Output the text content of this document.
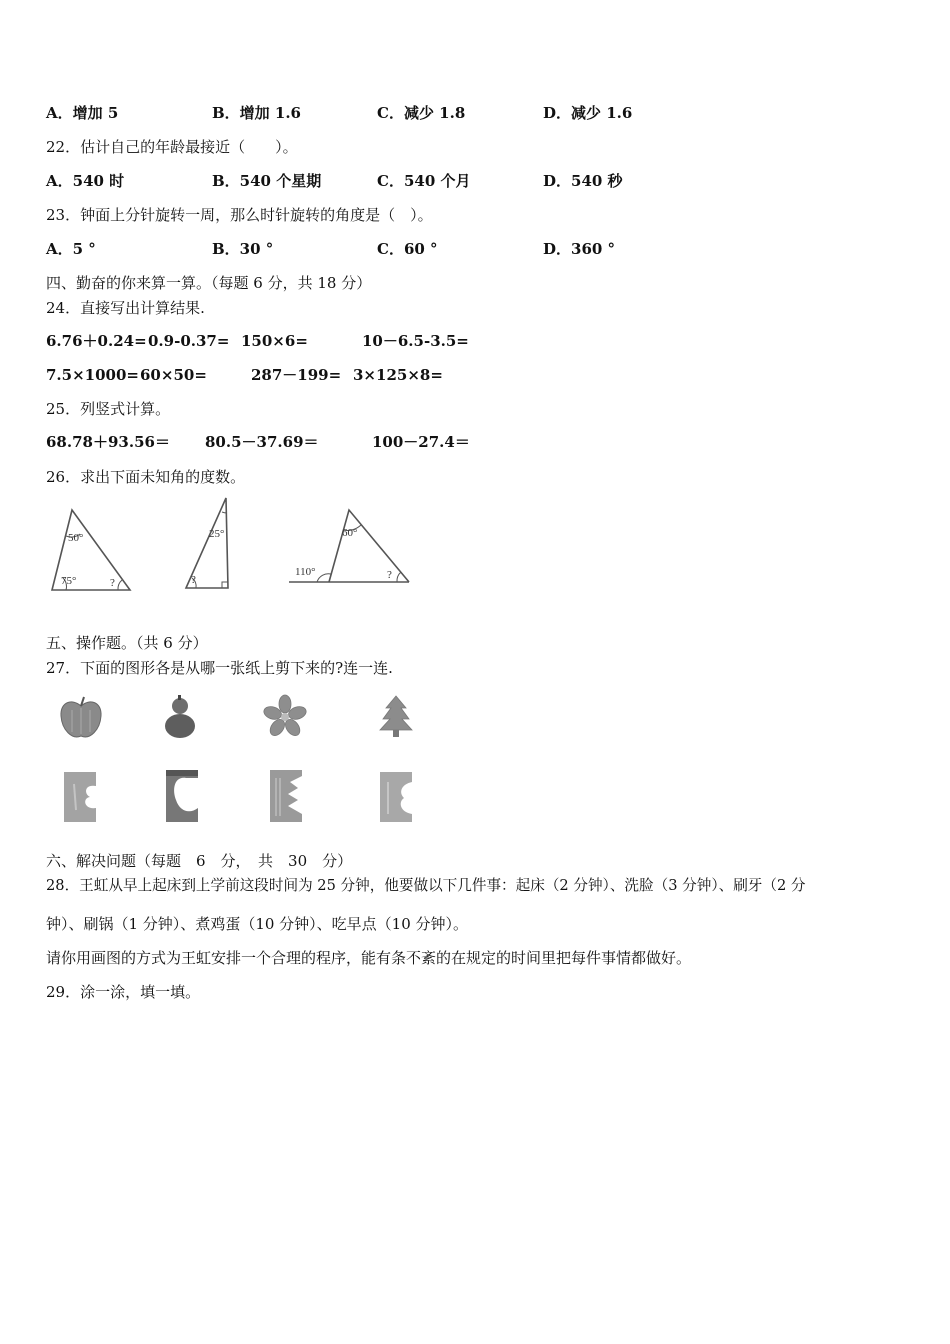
A．增加 5	B．增加 1.6	C．减少 1.8	D．减少 1.6
22．估计自己的年龄最接近（　　）。
A．540 时	B．540 个星期	C．540 个月	D．540 秒
23．钟面上分针旋转一周，那么时针旋转的角度是（　）。
A．5 °	B．30 °	C．60 °	D．360 °
四、勤奋的你来算一算。（每题 6 分，共 18 分）
24．直接写出计算结果.
6.76＋0.24= 0.9-0.37= 150×6=	10－6.5-3.5=
7.5×1000= 60×50=	287－199= 3×125×8=
25．列竖式计算。
68.78＋93.56＝ 80.5－37.69＝	100－27.4＝
26．求出下面未知角的度数。
50°
75°	?
25°
?
60°
110°	?
五、操作题。（共 6 分）
27．下面的图形各是从哪一张纸上剪下来的?连一连.
六、解决问题（每题　6　分，　共　30　分）
28．王虹从早上起床到上学前这段时间为 25 分钟，他要做以下几件事：起床（2 分钟）、洗脸（3 分钟）、刷牙（2 分
钟）、刷锅（1 分钟）、煮鸡蛋（10 分钟）、吃早点（10 分钟）。
请你用画图的方式为王虹安排一个合理的程序，能有条不紊的在规定的时间里把每件事情都做好。
29．涂一涂，填一填。
